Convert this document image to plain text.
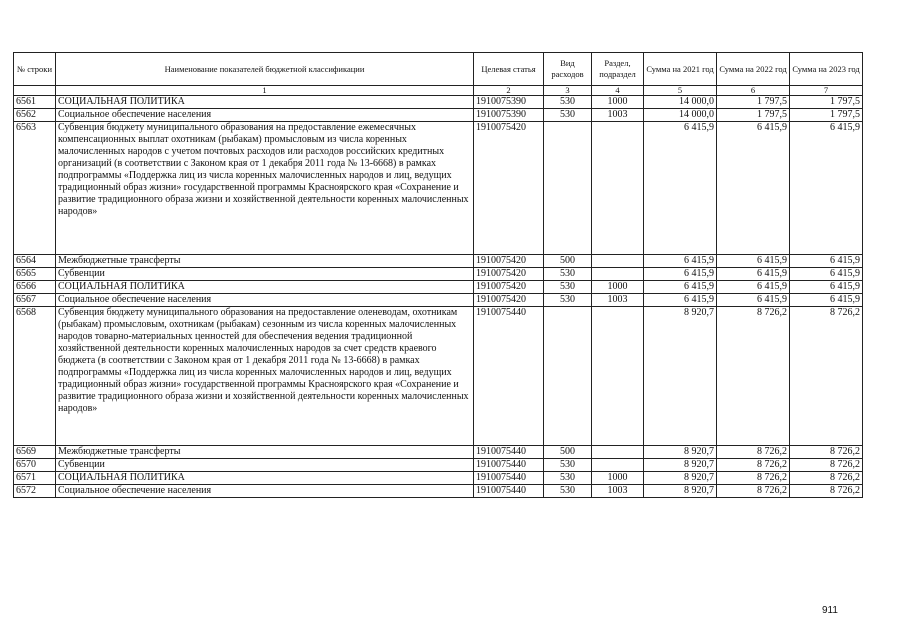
№ строки	Наименование показателей бюджетной классификации	Целевая статья	Вид расходов	Раздел, подраздел	Сумма на 2021 год	Сумма на 2022 год	Сумма на 2023 год
	1	2	3	4	5	6	7
6561	СОЦИАЛЬНАЯ ПОЛИТИКА	1910075390	530	1000	14 000,0	1 797,5	1 797,5
6562	Социальное обеспечение населения	1910075390	530	1003	14 000,0	1 797,5	1 797,5
6563	Субвенция бюджету муниципального образования на предоставление ежемесячных компенсационных выплат охотникам (рыбакам) промысловым из числа коренных малочисленных народов с учетом почтовых расходов или расходов российских кредитных организаций (в соответствии с Законом края от 1 декабря 2011 года № 13-6668) в рамках подпрограммы «Поддержка лиц из числа коренных малочисленных народов и лиц, ведущих традиционный образ жизни» государственной программы Красноярского края «Сохранение и развитие традиционного образа жизни и хозяйственной деятельности коренных малочисленных народов»	1910075420			6 415,9	6 415,9	6 415,9
6564	Межбюджетные трансферты	1910075420	500		6 415,9	6 415,9	6 415,9
6565	Субвенции	1910075420	530		6 415,9	6 415,9	6 415,9
6566	СОЦИАЛЬНАЯ ПОЛИТИКА	1910075420	530	1000	6 415,9	6 415,9	6 415,9
6567	Социальное обеспечение населения	1910075420	530	1003	6 415,9	6 415,9	6 415,9
6568	Субвенция бюджету муниципального образования на предоставление оленеводам, охотникам (рыбакам) промысловым, охотникам (рыбакам) сезонным из числа коренных малочисленных народов товарно-материальных ценностей для обеспечения ведения традиционной хозяйственной деятельности коренных малочисленных народов за счет средств краевого бюджета (в соответствии с Законом края от 1 декабря 2011 года № 13-6668) в рамках подпрограммы «Поддержка лиц из числа коренных малочисленных народов и лиц, ведущих традиционный образ жизни» государственной программы Красноярского края «Сохранение и развитие традиционного образа жизни и хозяйственной деятельности коренных малочисленных народов»	1910075440			8 920,7	8 726,2	8 726,2
6569	Межбюджетные трансферты	1910075440	500		8 920,7	8 726,2	8 726,2
6570	Субвенции	1910075440	530		8 920,7	8 726,2	8 726,2
6571	СОЦИАЛЬНАЯ ПОЛИТИКА	1910075440	530	1000	8 920,7	8 726,2	8 726,2
6572	Социальное обеспечение населения	1910075440	530	1003	8 920,7	8 726,2	8 726,2
911
